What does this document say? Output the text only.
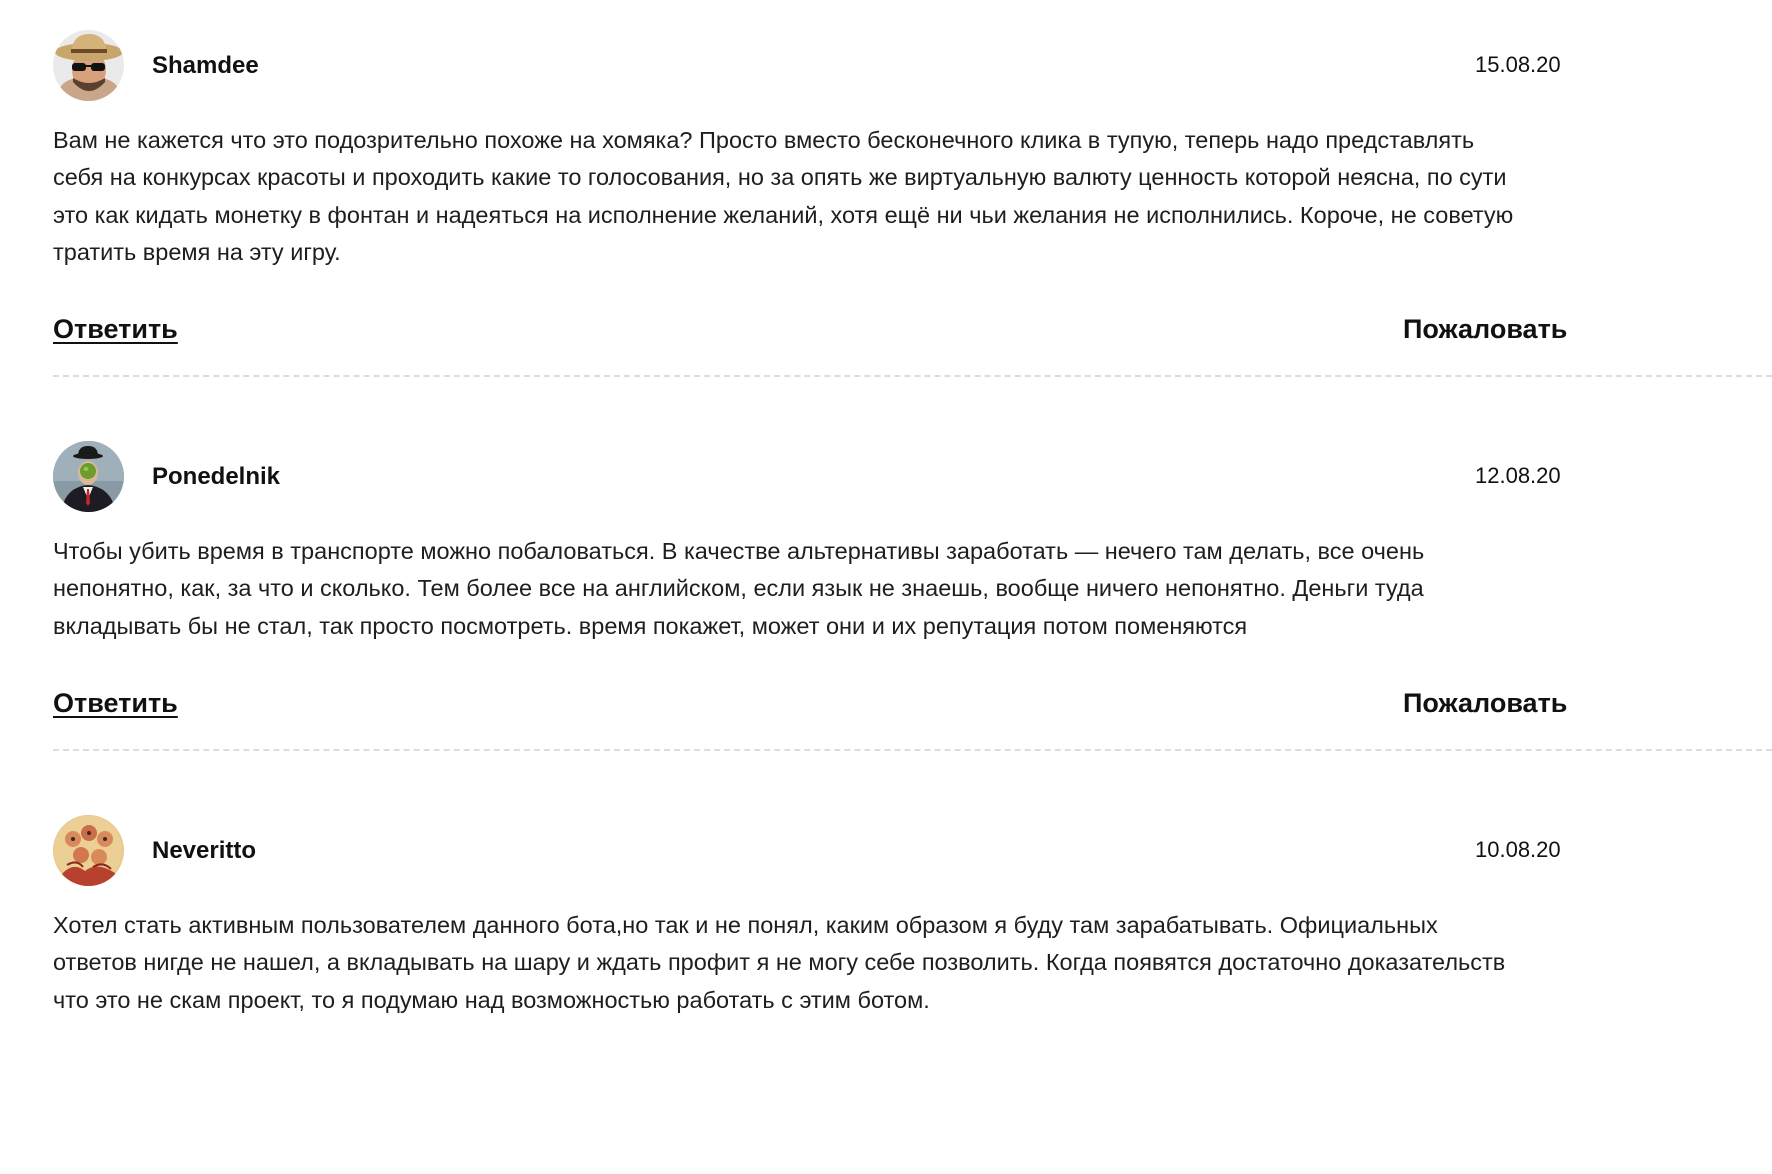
Shamdee	15.08.20
Вам не кажется что это подозрительно похоже на хомяка? Просто вместо бесконечного клика в тупую, теперь надо представлять
себя на конкурсах красоты и проходить какие то голосования, но за опять же виртуальную валюту ценность которой неясна, по сути
это как кидать монетку в фонтан и надеяться на исполнение желаний, хотя ещё ни чьи желания не исполнились. Короче, не советую
тратить время на эту игру.
Ответить	Пожаловать
Ponedelnik	12.08.20
Чтобы убить время в транспорте можно побаловаться. В качестве альтернативы заработать — нечего там делать, все очень
непонятно, как, за что и сколько. Тем более все на английском, если язык не знаешь, вообще ничего непонятно. Деньги туда
вкладывать бы не стал, так просто посмотреть. время покажет, может они и их репутация потом поменяются
Ответить	Пожаловать
Neveritto	10.08.20
Хотел стать активным пользователем данного бота,но так и не понял, каким образом я буду там зарабатывать. Официальных
ответов нигде не нашел, а вкладывать на шару и ждать профит я не могу себе позволить. Когда появятся достаточно доказательств
что это не скам проект, то я подумаю над возможностью работать с этим ботом.
